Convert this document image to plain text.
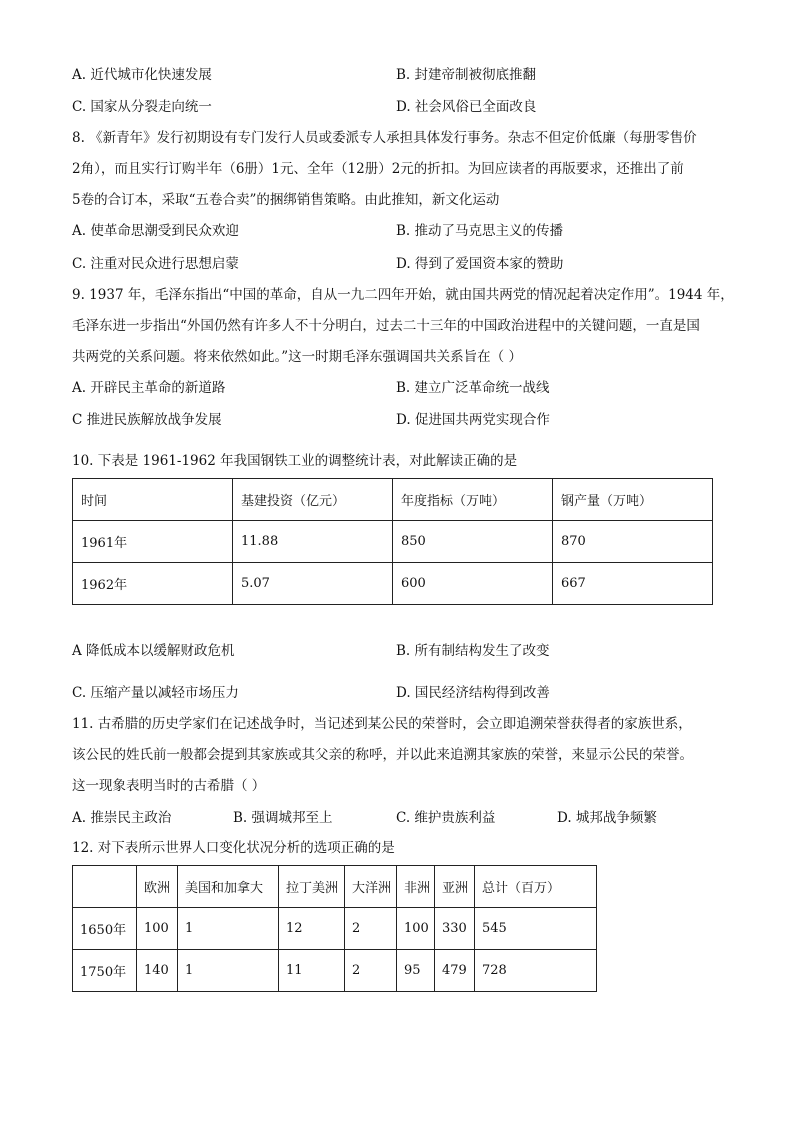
A. 近代城市化快速发展	B. 封建帝制被彻底推翻
C. 国家从分裂走向统一	D. 社会风俗已全面改良
8. 《新青年》发行初期设有专门发行人员或委派专人承担具体发行事务。杂志不但定价低廉（每册零售价
2角），而且实行订购半年（6册）1元、全年（12册）2元的折扣。为回应读者的再版要求，还推出了前
5卷的合订本，采取“五卷合卖”的捆绑销售策略。由此推知，新文化运动
A. 使革命思潮受到民众欢迎	B. 推动了马克思主义的传播
C. 注重对民众进行思想启蒙	D. 得到了爱国资本家的赞助
9. 1937 年，毛泽东指出“中国的革命，自从一九二四年开始，就由国共两党的情况起着决定作用”。1944 年，
毛泽东进一步指出“外国仍然有许多人不十分明白，过去二十三年的中国政治进程中的关键问题，一直是国
共两党的关系问题。将来依然如此。”这一时期毛泽东强调国共关系旨在（ ）
A. 开辟民主革命的新道路	B. 建立广泛革命统一战线
C 推进民族解放战争发展	D. 促进国共两党实现合作
10. 下表是 1961-1962 年我国钢铁工业的调整统计表，对此解读正确的是
时间	基建投资（亿元）	年度指标（万吨）	钢产量（万吨）
1961年	11.88	850	870
1962年	5.07	600	667
A 降低成本以缓解财政危机	B. 所有制结构发生了改变
C. 压缩产量以减轻市场压力	D. 国民经济结构得到改善
11. 古希腊的历史学家们在记述战争时，当记述到某公民的荣誉时，会立即追溯荣誉获得者的家族世系，
该公民的姓氏前一般都会提到其家族或其父亲的称呼，并以此来追溯其家族的荣誉，来显示公民的荣誉。
这一现象表明当时的古希腊（ ）
A. 推崇民主政治	B. 强调城邦至上	C. 维护贵族利益	D. 城邦战争频繁
12. 对下表所示世界人口变化状况分析的选项正确的是
	欧洲	美国和加拿大	拉丁美洲	大洋洲	非洲	亚洲	总计（百万）
1650年	100	1	12	2	100	330	545
1750年	140	1	11	2	95	479	728
